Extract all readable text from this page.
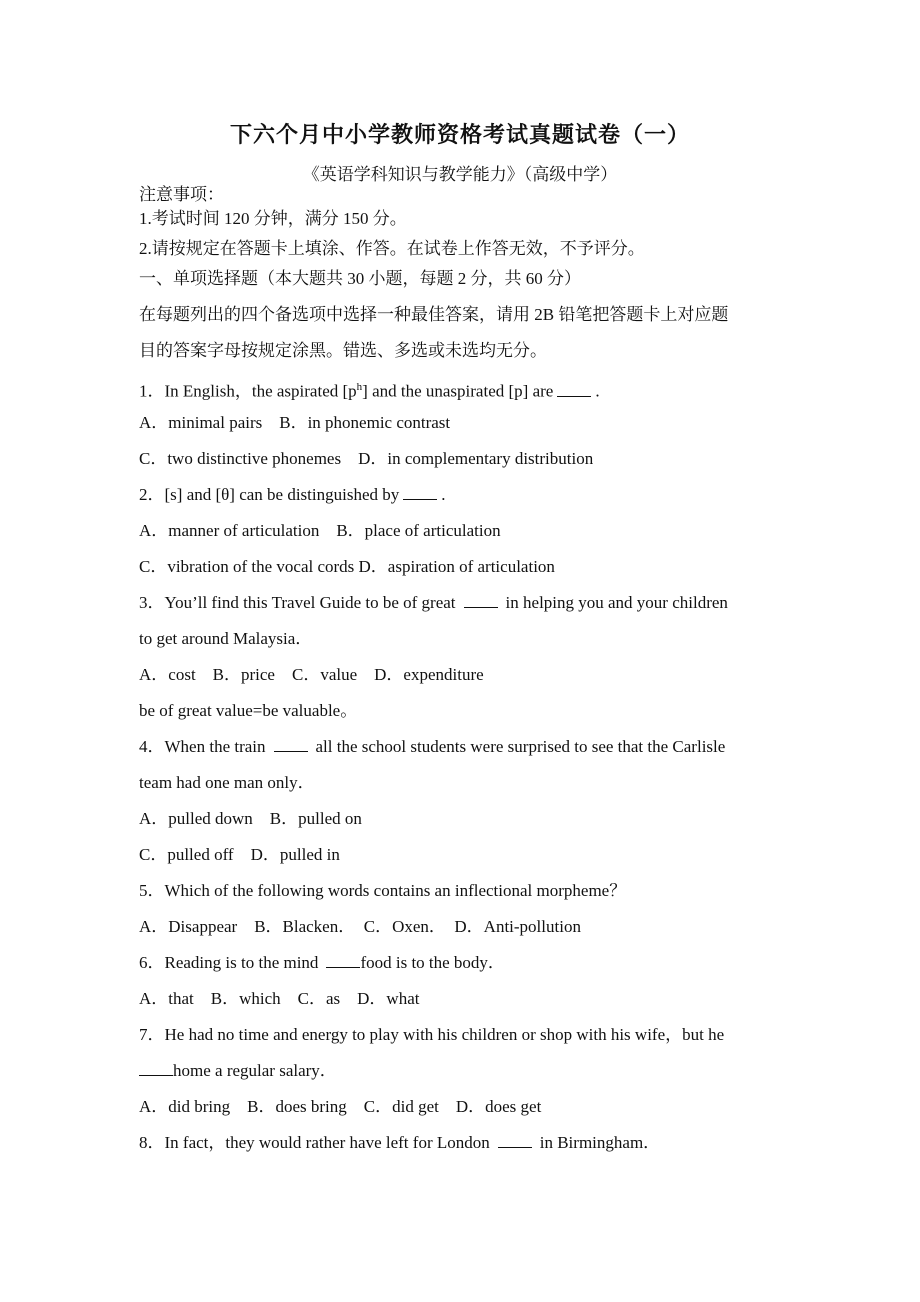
下六个月中小学教师资格考试真题试卷（一）
《英语学科知识与教学能力》（高级中学）
注意事项：
1.考试时间 120 分钟，满分 150 分。
2.请按规定在答题卡上填涂、作答。在试卷上作答无效，不予评分。
一、单项选择题（本大题共 30 小题，每题 2 分，共 60 分）
在每题列出的四个备选项中选择一种最佳答案，请用 2B 铅笔把答题卡上对应题
目的答案字母按规定涂黑。错选、多选或未选均无分。
1．In English，the aspirated $[p^h]$ and the unaspirated [p] are .
A．minimal pairs　B．in phonemic contrast
C．two distinctive phonemes　D．in complementary distribution
2．[s] and [θ] can be distinguished by .
A．manner of articulation　B．place of articulation
C．vibration of the vocal cords D．aspiration of articulation
3．You’ll find this Travel Guide to be of great	in helping you and your children
to get around Malaysia．
A．cost　B．price　C．value　D．expenditure
be of great value=be valuable。
4．When the train	all the school students were surprised to see that the Carlisle
team had one man only．
A．pulled down　B．pulled on
C．pulled off　D．pulled in
5．Which of the following words contains an inflectional morpheme？
A．Disappear　B．Blacken．　C．Oxen．　D．Anti-pollution
6．Reading is to the mind food is to the body．
A．that　B．which　C．as　D．what
7．He had no time and energy to play with his children or shop with his wife，but he
home a regular salary．
A．did bring　B．does bring　C．did get　D．does get
8．In fact，they would rather have left for London	in Birmingham．
